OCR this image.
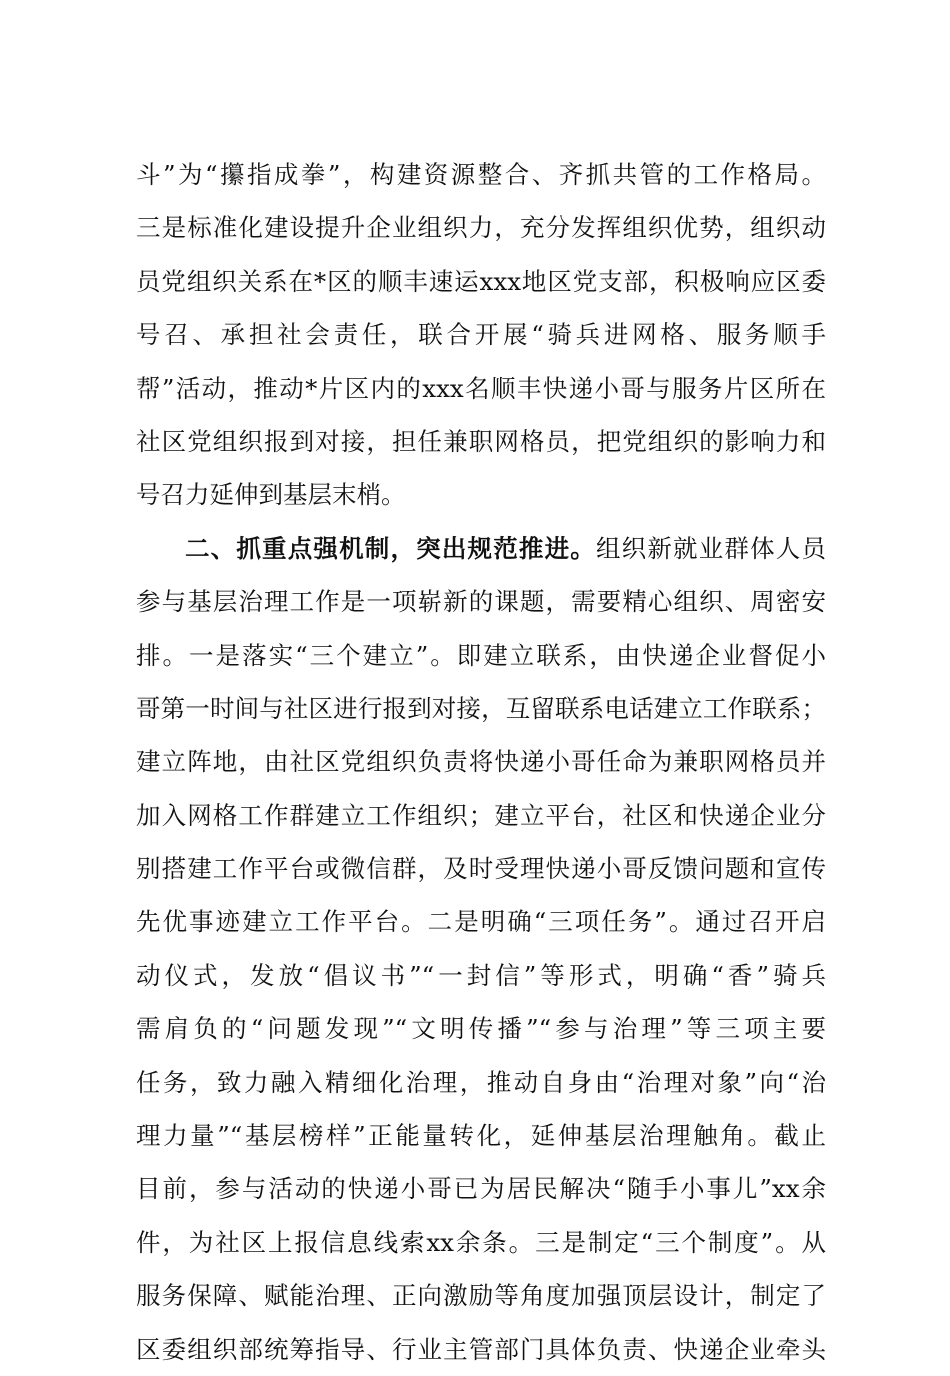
斗”为“攥指成拳”，构建资源整合、齐抓共管的工作格局。
三是标准化建设提升企业组织力，充分发挥组织优势，组织动
员党组织关系在*区的顺丰速运xxx地区党支部，积极响应区委
号召、承担社会责任，联合开展“骑兵进网格、服务顺手
帮”活动，推动*片区内的xxx名顺丰快递小哥与服务片区所在
社区党组织报到对接，担任兼职网格员，把党组织的影响力和
号召力延伸到基层末梢。
二、抓重点强机制，突出规范推进。组织新就业群体人员
参与基层治理工作是一项崭新的课题，需要精心组织、周密安
排。一是落实“三个建立”。即建立联系，由快递企业督促小
哥第一时间与社区进行报到对接，互留联系电话建立工作联系；
建立阵地，由社区党组织负责将快递小哥任命为兼职网格员并
加入网格工作群建立工作组织；建立平台，社区和快递企业分
别搭建工作平台或微信群，及时受理快递小哥反馈问题和宣传
先优事迹建立工作平台。二是明确“三项任务”。通过召开启
动仪式，发放“倡议书”“一封信”等形式，明确“香”骑兵
需肩负的“问题发现”“文明传播”“参与治理”等三项主要
任务，致力融入精细化治理，推动自身由“治理对象”向“治
理力量”“基层榜样”正能量转化，延伸基层治理触角。截止
目前，参与活动的快递小哥已为居民解决“随手小事儿”xx余
件，为社区上报信息线索xx余条。三是制定“三个制度”。从
服务保障、赋能治理、正向激励等角度加强顶层设计，制定了
区委组织部统筹指导、行业主管部门具体负责、快递企业牵头
